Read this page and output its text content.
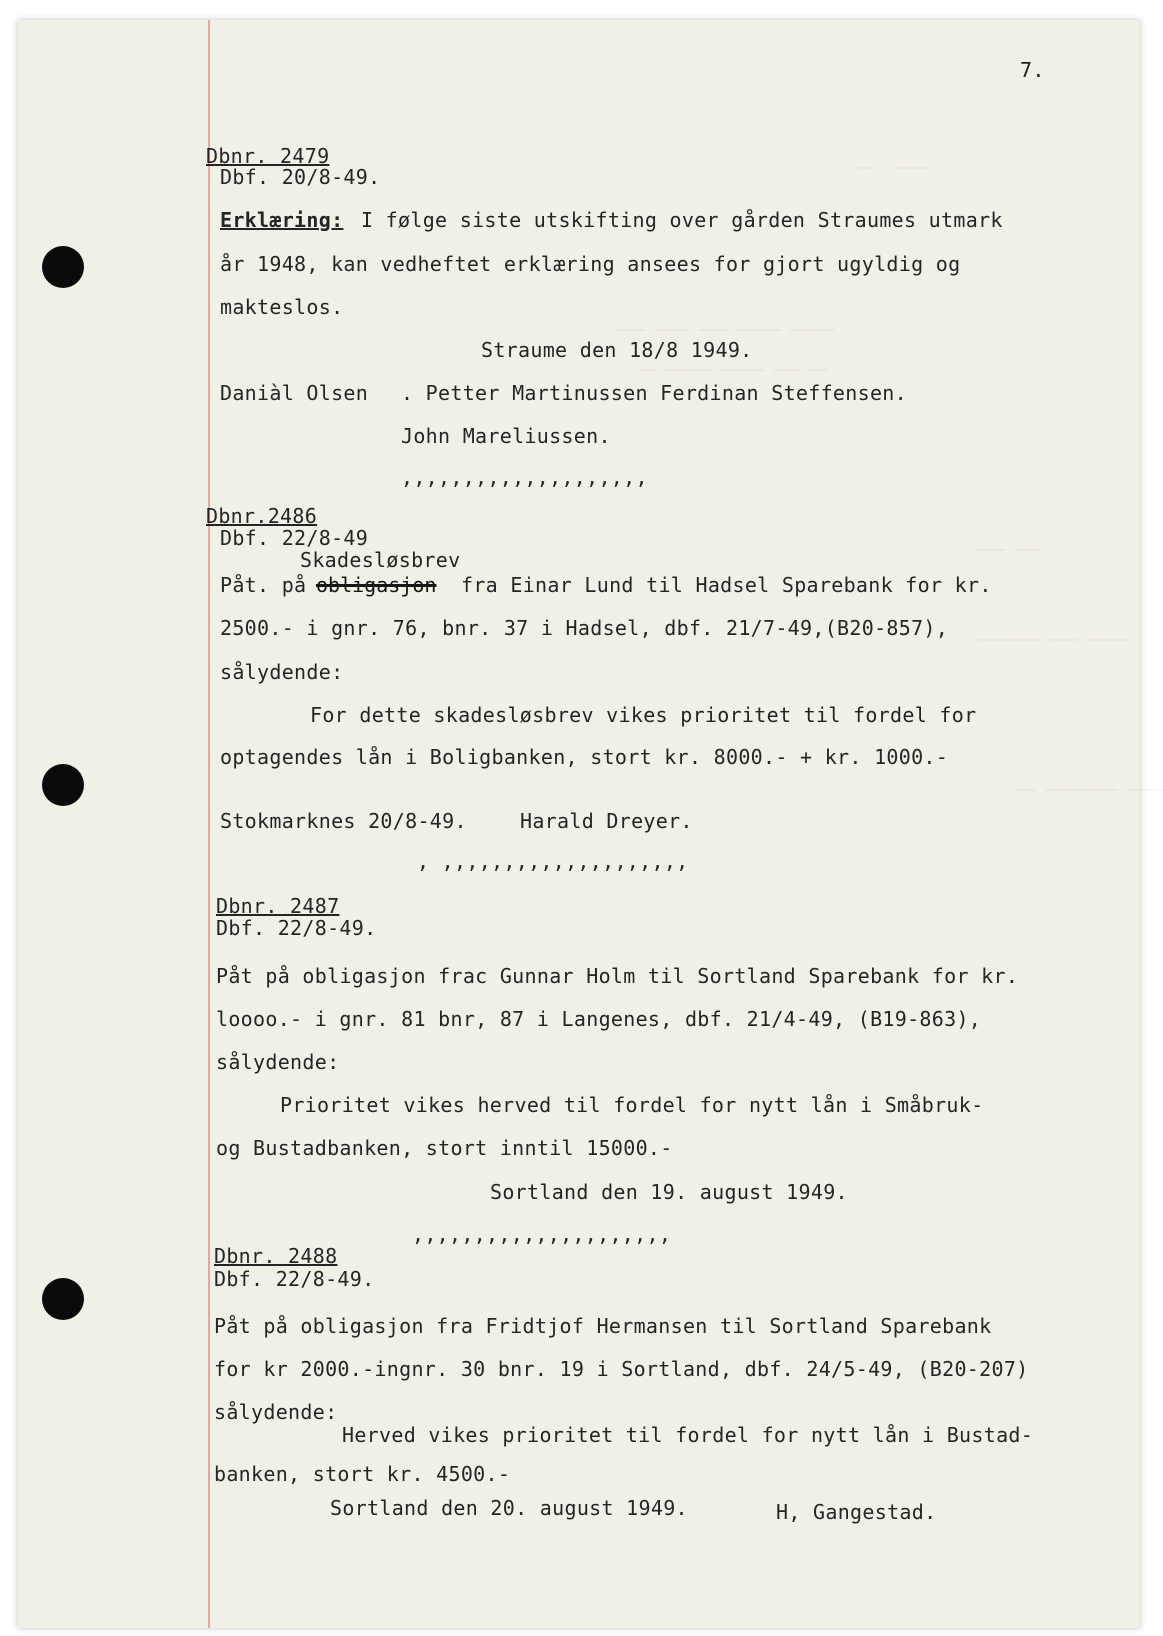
——  ————
——— ———— ——— ————— —————
—— ————— ————— ——— ——
——— ———
——————— ——— —————
—— ———————— ————
7.
Dbnr. 2479
Dbf. 20/8-49.
Erklæring: I følge siste utskifting over gården Straumes utmark
år 1948, kan vedheftet erklæring ansees for gjort ugyldig og
makteslos.
Straume den 18/8 1949.
Daniàl Olsen . Petter Martinussen Ferdinan Steffensen.
John Mareliussen.
,,,,,,,,,,,,,,,,,,,,
Dbnr.2486
Dbf. 22/8-49
Skadesløsbrev
Påt. på obligasjon fra Einar Lund til Hadsel Sparebank for kr.
2500.- i gnr. 76, bnr. 37 i Hadsel, dbf. 21/7-49,(B20-857),
sålydende:
For dette skadesløsbrev vikes prioritet til fordel for
optagendes lån i Boligbanken, stort kr. 8000.- + kr. 1000.-
Stokmarknes 20/8-49.	Harald Dreyer.
, ,,,,,,,,,,,,,,,,,,,,
Dbnr. 2487
Dbf. 22/8-49.
Påt på obligasjon frac Gunnar Holm til Sortland Sparebank for kr.
loooo.- i gnr. 81 bnr, 87 i Langenes, dbf. 21/4-49, (B19-863),
sålydende:
Prioritet vikes herved til fordel for nytt lån i Småbruk-
og Bustadbanken, stort inntil 15000.-
Sortland den 19. august 1949.
,,,,,,,,,,,,,,,,,,,,,
Dbnr. 2488
Dbf. 22/8-49.
Påt på obligasjon fra Fridtjof Hermansen til Sortland Sparebank
for kr 2000.-ingnr. 30 bnr. 19 i Sortland, dbf. 24/5-49, (B20-207)
sålydende:
Herved vikes prioritet til fordel for nytt lån i Bustad-
banken, stort kr. 4500.-
Sortland den 20. august 1949.	H, Gangestad.
